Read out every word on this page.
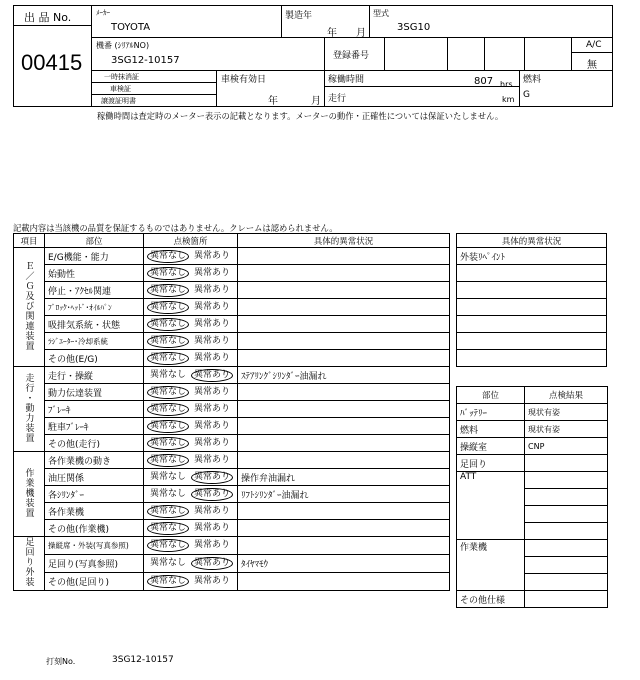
出 品 No.
00415
ﾒｰｶｰ
TOYOTA
製造年
年 月
型式
3SG10
機番 (ｼﾘｱﾙNO)
3SG12-10157	登録番号
A/C
無
一時抹消証
車検証
譲渡証明書
車検有効日
年	月
稼働時間	807 hrs
走行	km
燃料
G
稼働時間は査定時のメーター表示の記載となります。メーターの動作・正確性については保証いたしません。
記載内容は当該機の品質を保証するものではありません。クレームは認められません。
項目	部位	点検箇所	具体的異常状況
Ｅ／Ｇ及び関連装置	E/G機能・能力	異常なし 異常あり	
	始動性	異常なし 異常あり	
	停止・ｱｸｾﾙ関連	異常なし 異常あり	
	ﾌﾞﾛｯｸ･ﾍｯﾄﾞ･ｵｲﾙﾊﾟﾝ	異常なし 異常あり	
	吸排気系統・状態	異常なし 異常あり	
	ﾗｼﾞｴｰﾀｰ･冷却系統	異常なし 異常あり	
	その他(E/G)	異常なし 異常あり	
走行・動力装置	走行・操縦	異常なし 異常あり	ｽﾃｱﾘﾝｸﾞｼﾘﾝﾀﾞｰ油漏れ
	動力伝達装置	異常なし 異常あり	
	ﾌﾞﾚｰｷ	異常なし 異常あり	
	駐車ﾌﾞﾚｰｷ	異常なし 異常あり	
	その他(走行)	異常なし 異常あり	
作業機装置	各作業機の動き	異常なし 異常あり	
	油圧関係	異常なし 異常あり	操作弁油漏れ
	各ｼﾘﾝﾀﾞｰ	異常なし 異常あり	ﾘﾌﾄｼﾘﾝﾀﾞｰ油漏れ
	各作業機	異常なし 異常あり	
	その他(作業機)	異常なし 異常あり	
足回り外装	操縦席・外装(写真参照)	異常なし 異常あり	
	足回り(写真参照)	異常なし 異常あり	ﾀｲﾔﾏﾓｳ
	その他(足回り)	異常なし 異常あり	
具体的異常状況
外装ﾘﾍﾟｲﾝﾄ

部位	点検結果
ﾊﾞｯﾃﾘｰ	現状有姿
燃料	現状有姿
操縦室	CNP
足回り	
ATT	

作業機	

その他仕様	
打刻No.	3SG12-10157
